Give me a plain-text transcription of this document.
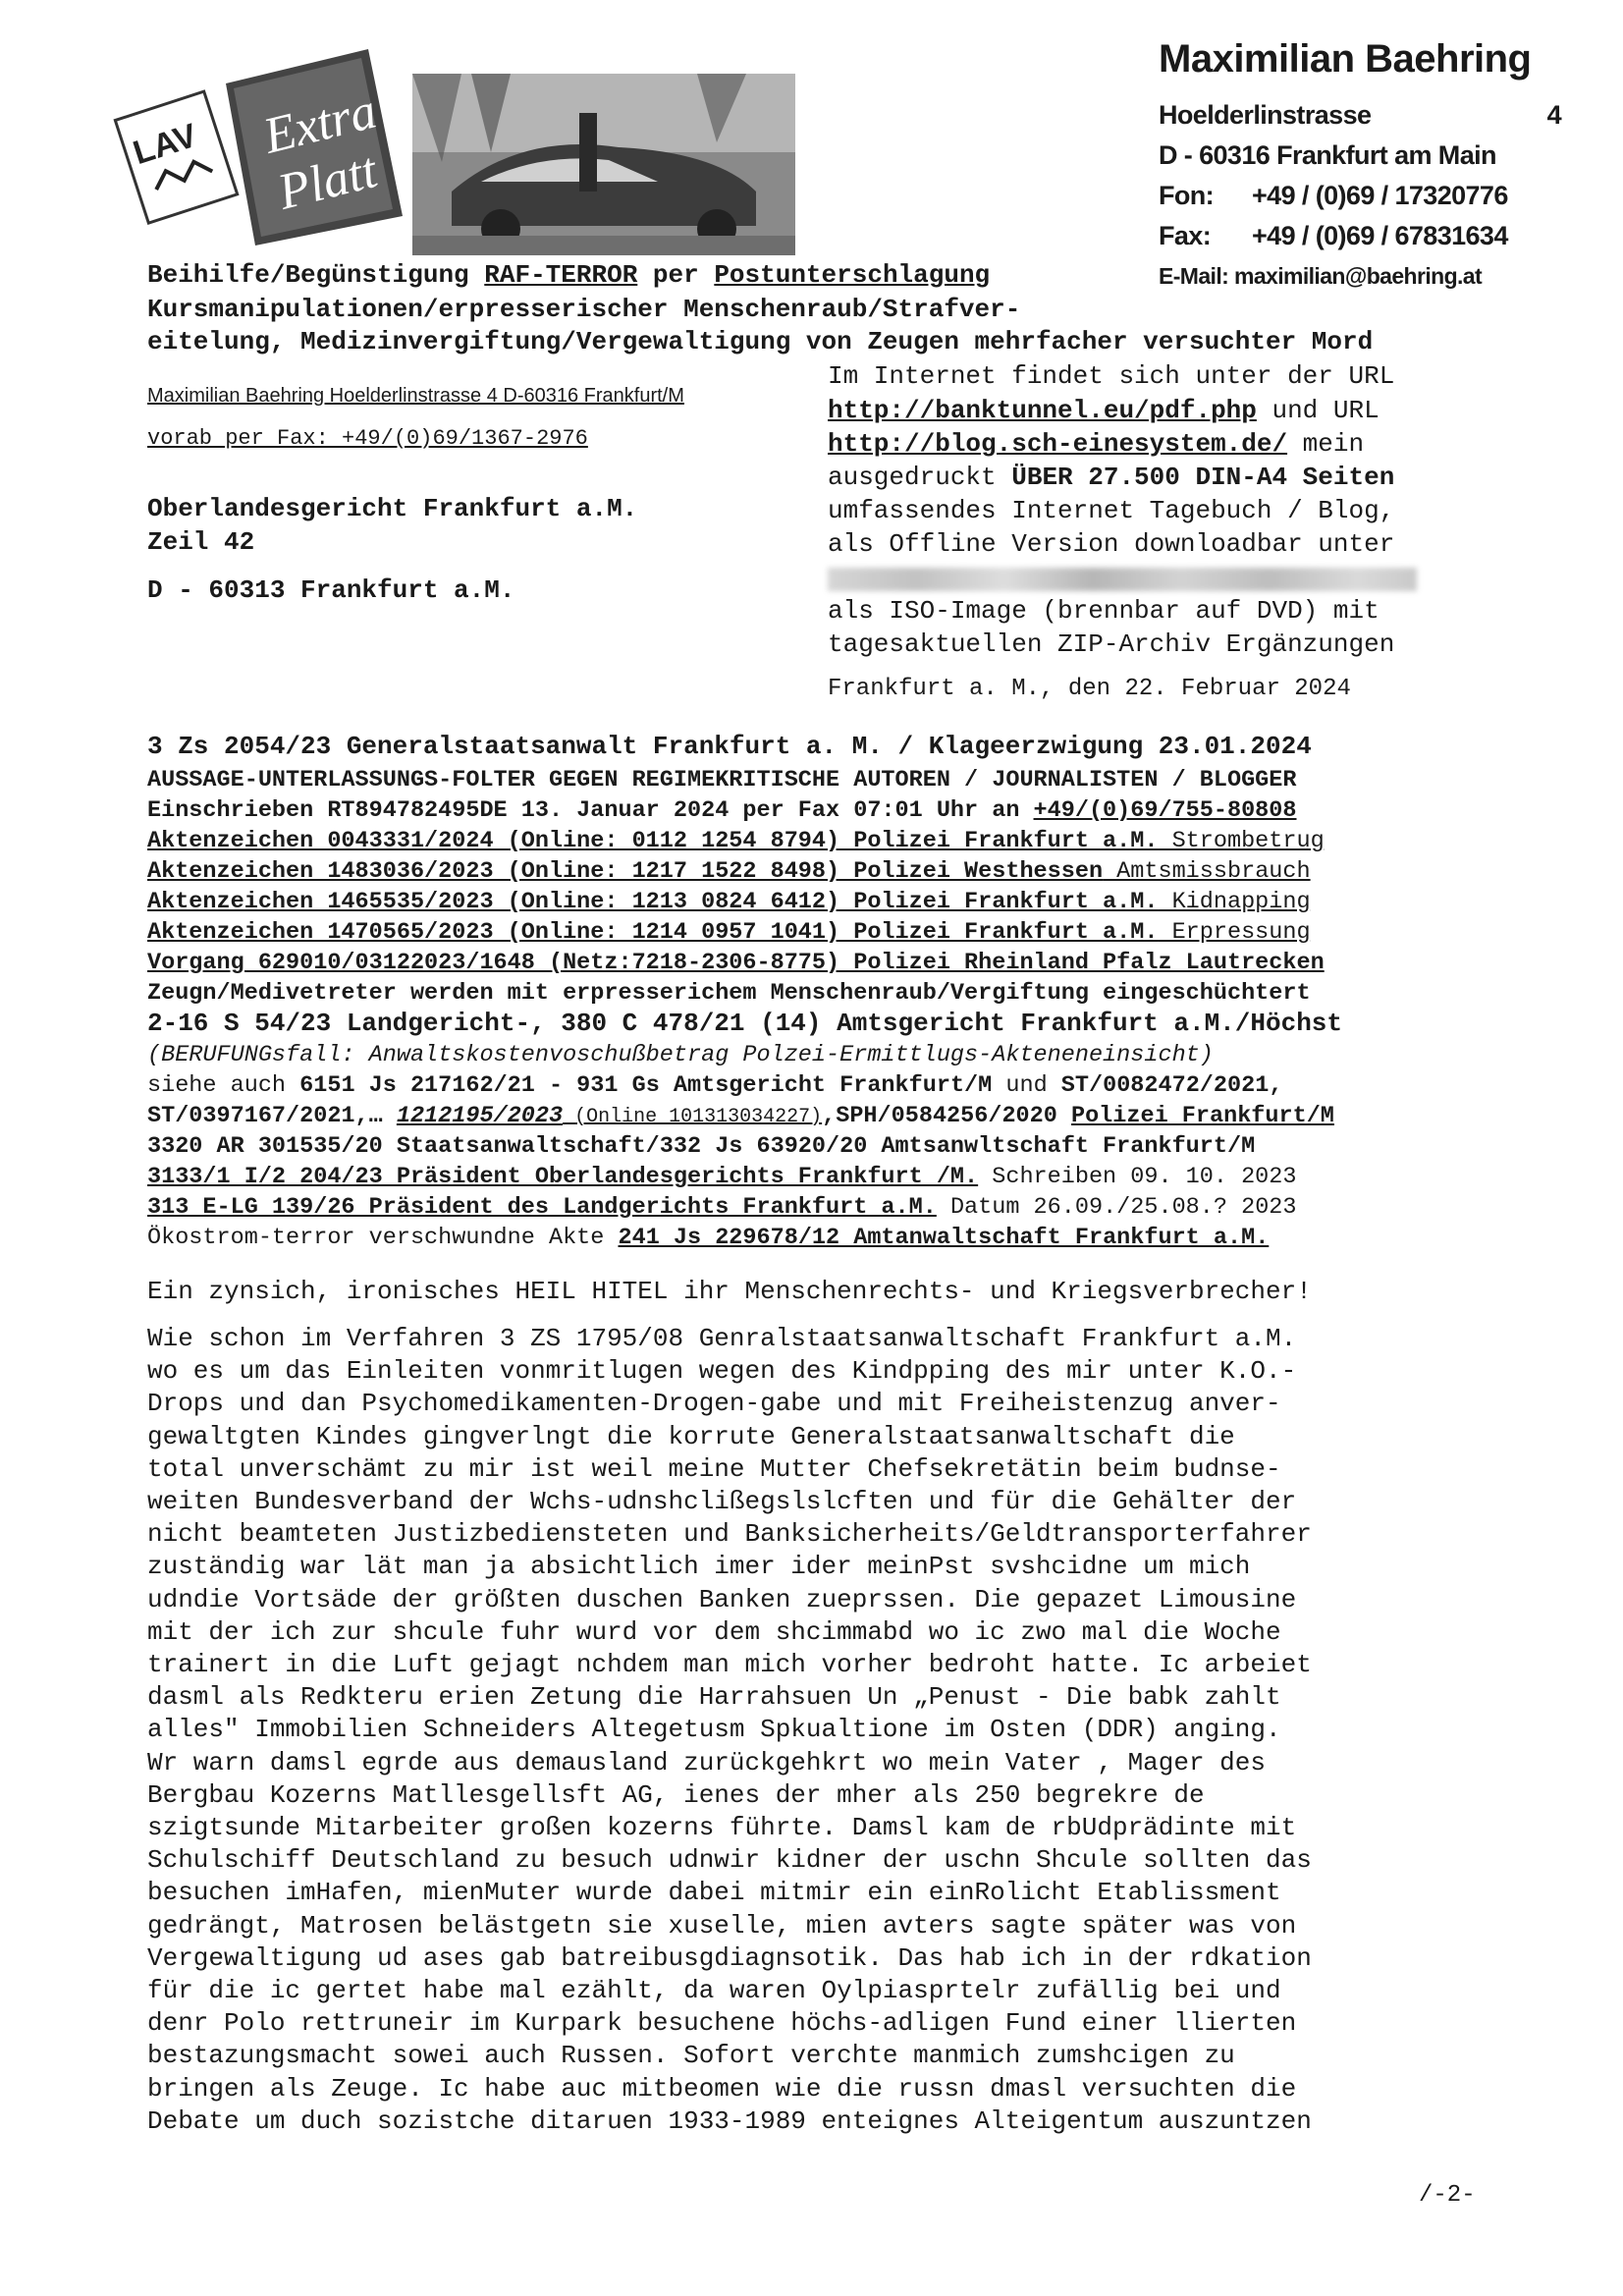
LAV Extra
Platt
Maximilian Baehring
Hoelderlinstrasse	4
D - 60316 Frankfurt am Main
Fon: +49 / (0)69 / 17320776
Fax: +49 / (0)69 / 67831634
E-Mail: maximilian@baehring.at
Beihilfe/Begünstigung RAF-TERROR per Postunterschlagung
Kursmanipulationen/erpresserischer Menschenraub/Strafver-
eitelung, Medizinvergiftung/Vergewaltigung von Zeugen mehrfacher versuchter Mord
Maximilian Baehring Hoelderlinstrasse 4 D-60316 Frankfurt/M
vorab per Fax: +49/(0)69/1367-2976
Oberlandesgericht Frankfurt a.M.
Zeil 42
D - 60313 Frankfurt a.M.
Im Internet findet sich unter der URL
http://banktunnel.eu/pdf.php und URL
http://blog.sch-einesystem.de/ mein
ausgedruckt ÜBER 27.500 DIN-A4 Seiten
umfassendes Internet Tagebuch / Blog,
als Offline Version downloadbar unter
als ISO-Image (brennbar auf DVD) mit
tagesaktuellen ZIP-Archiv Ergänzungen
Frankfurt a. M., den 22. Februar 2024
3 Zs 2054/23 Generalstaatsanwalt Frankfurt a. M. / Klageerzwigung 23.01.2024
AUSSAGE-UNTERLASSUNGS-FOLTER GEGEN REGIMEKRITISCHE AUTOREN / JOURNALISTEN / BLOGGER
Einschrieben RT894782495DE 13. Januar 2024 per Fax 07:01 Uhr an +49/(0)69/755-80808
Aktenzeichen 0043331/2024 (Online: 0112 1254 8794) Polizei Frankfurt a.M. Strombetrug
Aktenzeichen 1483036/2023 (Online: 1217 1522 8498) Polizei Westhessen Amtsmissbrauch
Aktenzeichen 1465535/2023 (Online: 1213 0824 6412) Polizei Frankfurt a.M. Kidnapping
Aktenzeichen 1470565/2023 (Online: 1214 0957 1041) Polizei Frankfurt a.M. Erpressung
Vorgang 629010/03122023/1648 (Netz:7218-2306-8775) Polizei Rheinland Pfalz Lautrecken
Zeugn/Medivetreter werden mit erpresserichem Menschenraub/Vergiftung eingeschüchtert
2-16 S 54/23 Landgericht-, 380 C 478/21 (14) Amtsgericht Frankfurt a.M./Höchst
(BERUFUNGsfall: Anwaltskostenvoschußbetrag Polzei-Ermittlugs-Akteneneinsicht)
siehe auch 6151 Js 217162/21 - 931 Gs Amtsgericht Frankfurt/M und ST/0082472/2021,
ST/0397167/2021,… 1212195/2023 (Online 101313034227),SPH/0584256/2020 Polizei Frankfurt/M
3320 AR 301535/20 Staatsanwaltschaft/332 Js 63920/20 Amtsanwltschaft Frankfurt/M
3133/1 I/2 204/23 Präsident Oberlandesgerichts Frankfurt /M. Schreiben 09. 10. 2023
313 E-LG 139/26 Präsident des Landgerichts Frankfurt a.M. Datum 26.09./25.08.? 2023
Ökostrom-terror verschwundne Akte 241 Js 229678/12 Amtanwaltschaft Frankfurt a.M.
Ein zynsich, ironisches HEIL HITEL ihr Menschenrechts- und Kriegsverbrecher!
Wie schon im Verfahren 3 ZS 1795/08 Genralstaatsanwaltschaft Frankfurt a.M.
wo es um das Einleiten vonmritlugen wegen des Kindpping des mir unter K.O.-
Drops und dan Psychomedikamenten-Drogen-gabe und mit Freiheistenzug anver-
gewaltgten Kindes gingverlngt die korrute Generalstaatsanwaltschaft die
total unverschämt zu mir ist weil meine Mutter Chefsekretätin beim budnse-
weiten Bundesverband der Wchs-udnshclißegslslcften und für die Gehälter der
nicht beamteten Justizbediensteten und Banksicherheits/Geldtransporterfahrer
zuständig war lät man ja absichtlich imer ider meinPst svshcidne um mich
udndie Vortsäde der größten duschen Banken zueprssen. Die gepazet Limousine
mit der ich zur shcule fuhr wurd vor dem shcimmabd wo ic zwo mal die Woche
trainert in die Luft gejagt nchdem man mich vorher bedroht hatte. Ic arbeiet
dasml als Redkteru erien Zetung die Harrahsuen Un „Penust - Die babk zahlt
alles" Immobilien Schneiders Altegetusm Spkualtione im Osten (DDR) anging.
Wr warn damsl egrde aus demausland zurückgehkrt wo mein Vater , Mager des
Bergbau Kozerns Matllesgellsft AG, ienes der mher als 250 begrekre de
szigtsunde Mitarbeiter großen kozerns führte. Damsl kam de rbUdprädinte mit
Schulschiff Deutschland zu besuch udnwir kidner der uschn Shcule sollten das
besuchen imHafen, mienMuter wurde dabei mitmir ein einRolicht Etablissment
gedrängt, Matrosen belästgetn sie xuselle, mien avters sagte später was von
Vergewaltigung ud ases gab batreibusgdiagnsotik. Das hab ich in der rdkation
für die ic gertet habe mal ezählt, da waren Oylpiasprtelr zufällig bei und
denr Polo rettruneir im Kurpark besuchene höchs-adligen Fund einer llierten
bestazungsmacht sowei auch Russen. Sofort verchte manmich zumshcigen zu
bringen als Zeuge. Ic habe auc mitbeomen wie die russn dmasl versuchten die
Debate um duch sozistche ditaruen 1933-1989 enteignes Alteigentum auszuntzen
/-2-
